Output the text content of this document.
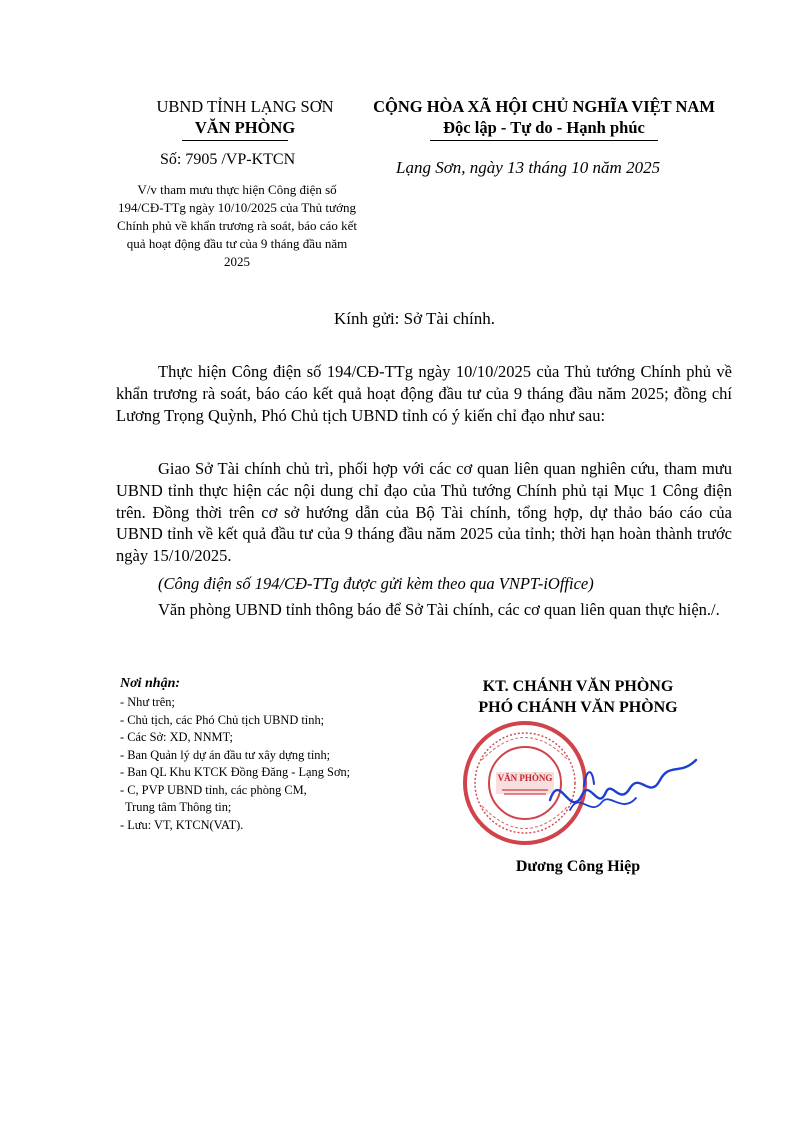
UBND TỈNH LẠNG SƠN
VĂN PHÒNG
CỘNG HÒA XÃ HỘI CHỦ NGHĨA VIỆT NAM
Độc lập - Tự do - Hạnh phúc
Số: 7905 /VP-KTCN
V/v tham mưu thực hiện Công điện số 194/CĐ-TTg ngày 10/10/2025 của Thủ tướng Chính phủ về khẩn trương rà soát, báo cáo kết quả hoạt động đầu tư của 9 tháng đầu năm 2025
Lạng Sơn, ngày 13 tháng 10 năm 2025
Kính gửi: Sở Tài chính.
Thực hiện Công điện số 194/CĐ-TTg ngày 10/10/2025 của Thủ tướng Chính phủ về khẩn trương rà soát, báo cáo kết quả hoạt động đầu tư của 9 tháng đầu năm 2025; đồng chí Lương Trọng Quỳnh, Phó Chủ tịch UBND tỉnh có ý kiến chỉ đạo như sau:
Giao Sở Tài chính chủ trì, phối hợp với các cơ quan liên quan nghiên cứu, tham mưu UBND tỉnh thực hiện các nội dung chỉ đạo của Thủ tướng Chính phủ tại Mục 1 Công điện trên. Đồng thời trên cơ sở hướng dẫn của Bộ Tài chính, tổng hợp, dự thảo báo cáo của UBND tỉnh về kết quả đầu tư của 9 tháng đầu năm 2025 của tỉnh; thời hạn hoàn thành trước ngày 15/10/2025.
(Công điện số 194/CĐ-TTg được gửi kèm theo qua VNPT-iOffice)
Văn phòng UBND tỉnh thông báo để Sở Tài chính, các cơ quan liên quan thực hiện./.
Nơi nhận:
- Như trên;
- Chủ tịch, các Phó Chủ tịch UBND tỉnh;
- Các Sở: XD, NNMT;
- Ban Quản lý dự án đầu tư xây dựng tỉnh;
- Ban QL Khu KTCK Đồng Đăng - Lạng Sơn;
- C, PVP UBND tỉnh, các phòng CM,
Trung tâm Thông tin;
- Lưu: VT, KTCN(VAT).
KT. CHÁNH VĂN PHÒNG
PHÓ CHÁNH VĂN PHÒNG
VĂN PHÒNG
Dương Công Hiệp
